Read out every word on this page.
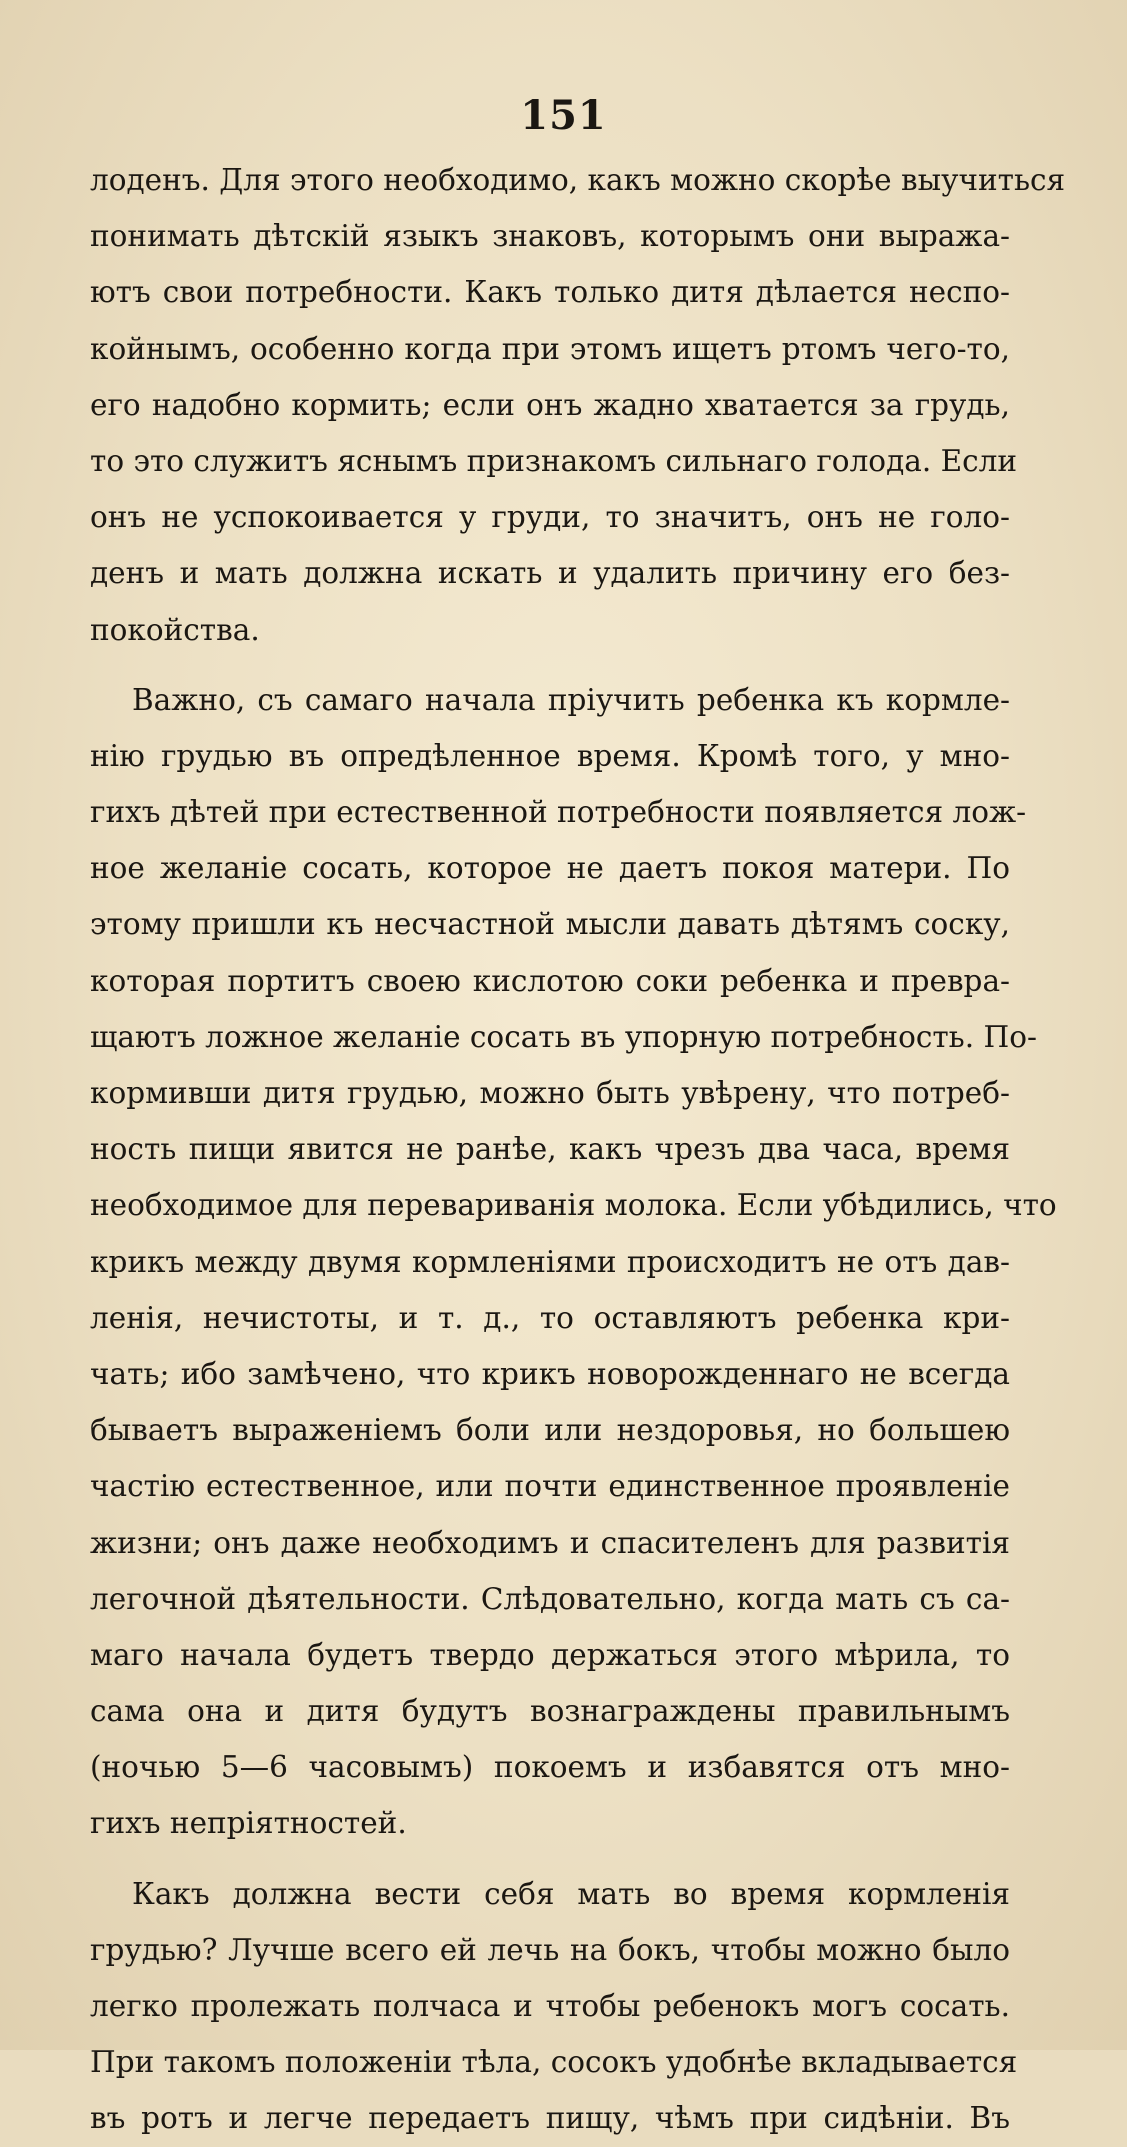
151
лоденъ. Для этого необходимо, какъ можно скорѣе выучиться
понимать дѣтскій языкъ знаковъ, которымъ они выража-
ютъ свои потребности. Какъ только дитя дѣлается неспо-
койнымъ, особенно когда при этомъ ищетъ ртомъ чего-то,
его надобно кормить; если онъ жадно хватается за грудь,
то это служитъ яснымъ признакомъ сильнаго голода. Если
онъ не успокоивается у груди, то значитъ, онъ не голо-
денъ и мать должна искать и удалить причину его без-
покойства.
Важно, съ самаго начала пріучить ребенка къ кормле-
нію грудью въ опредѣленное время. Кромѣ того, у мно-
гихъ дѣтей при естественной потребности появляется лож-
ное желаніе сосать, которое не даетъ покоя матери. По
этому пришли къ несчастной мысли давать дѣтямъ соску,
которая портитъ своею кислотою соки ребенка и превра-
щаютъ ложное желаніе сосать въ упорную потребность. По-
кормивши дитя грудью, можно быть увѣрену, что потреб-
ность пищи явится не ранѣе, какъ чрезъ два часа, время
необходимое для перевариванія молока. Если убѣдились, что
крикъ между двумя кормленіями происходитъ не отъ дав-
ленія, нечистоты, и т. д., то оставляютъ ребенка кри-
чать; ибо замѣчено, что крикъ новорожденнаго не всегда
бываетъ выраженіемъ боли или нездоровья, но большею
частію естественное, или почти единственное проявленіе
жизни; онъ даже необходимъ и спасителенъ для развитія
легочной дѣятельности. Слѣдовательно, когда мать съ са-
маго начала будетъ твердо держаться этого мѣрила, то
сама она и дитя будутъ вознаграждены правильнымъ
(ночью 5—6 часовымъ) покоемъ и избавятся отъ мно-
гихъ непріятностей.
Какъ должна вести себя мать во время кормленія
грудью? Лучше всего ей лечь на бокъ, чтобы можно было
легко пролежать полчаса и чтобы ребенокъ могъ сосать.
При такомъ положеніи тѣла, сосокъ удобнѣе вкладывается
въ ротъ и легче передаетъ пищу, чѣмъ при сидѣніи. Въ
